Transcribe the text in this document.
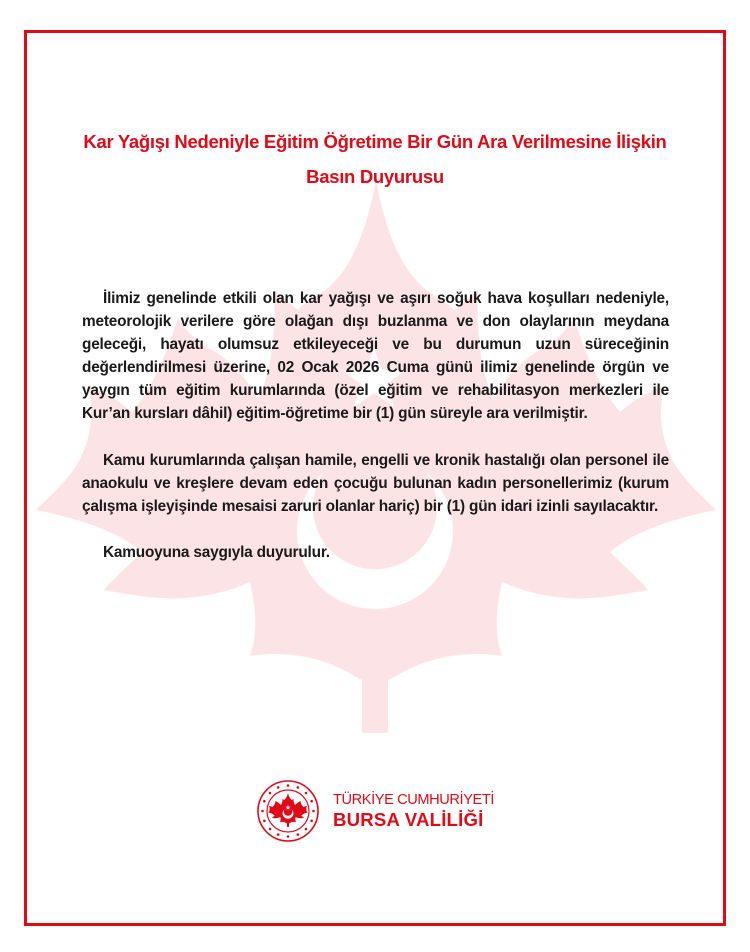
Kar Yağışı Nedeniyle Eğitim Öğretime Bir Gün Ara Verilmesine İlişkin
Basın Duyurusu

İlimiz genelinde etkili olan kar yağışı ve aşırı soğuk hava koşulları nedeniyle, meteorolojik verilere göre olağan dışı buzlanma ve don olaylarının meydana geleceği, hayatı olumsuz etkileyeceği ve bu durumun uzun süreceğinin değerlendirilmesi üzerine, 02 Ocak 2026 Cuma günü ilimiz genelinde örgün ve yaygın tüm eğitim kurumlarında (özel eğitim ve rehabilitasyon merkezleri ile Kur’an kursları dâhil) eğitim-öğretime bir (1) gün süreyle ara verilmiştir.

Kamu kurumlarında çalışan hamile, engelli ve kronik hastalığı olan personel ile anaokulu ve kreşlere devam eden çocuğu bulunan kadın personellerimiz (kurum çalışma işleyişinde mesaisi zaruri olanlar hariç) bir (1) gün idari izinli sayılacaktır.

Kamuoyuna saygıyla duyurulur.

TÜRKİYE CUMHURİYETİ
BURSA VALİLİĞİ
